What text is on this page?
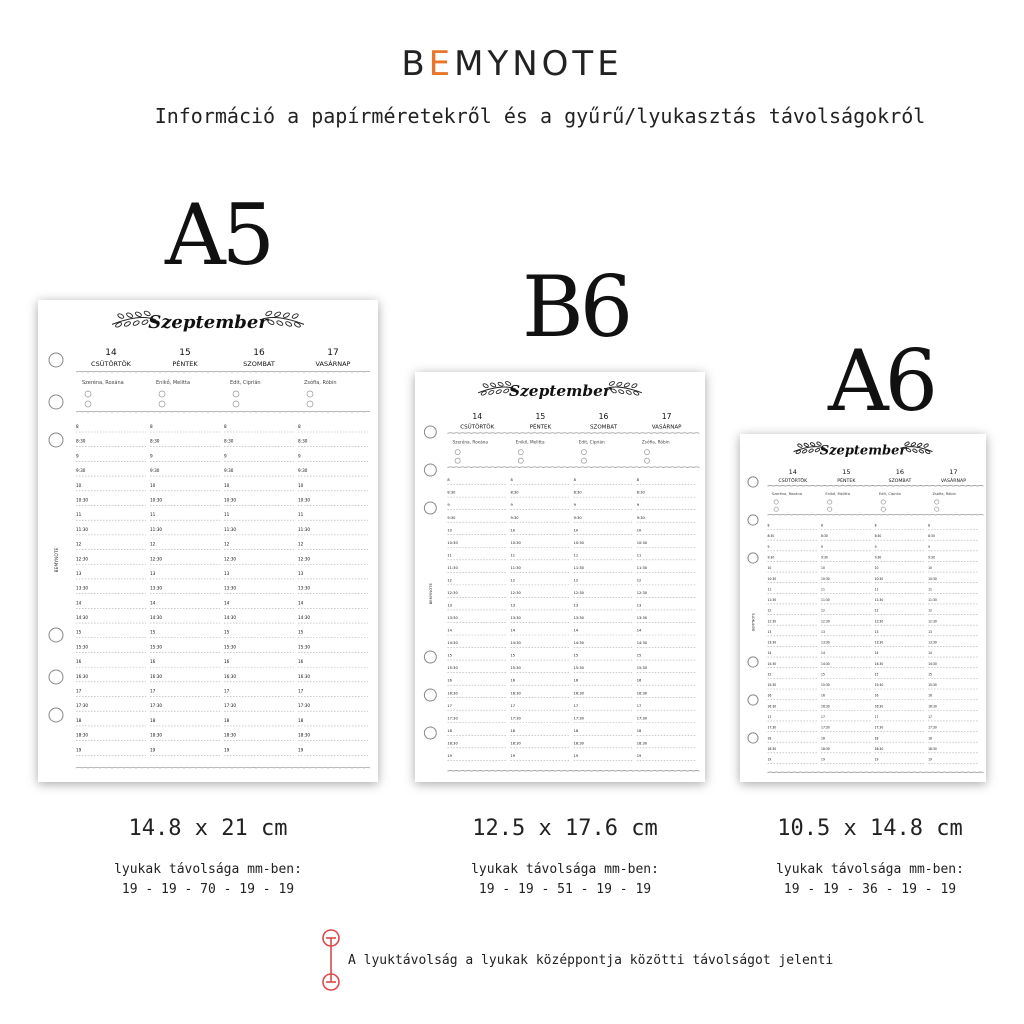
BEMYNOTE
Információ a papírméretekről és a gyűrű/lyukasztás távolságokról
A5
B6
A6
Szeptember
14
CSÜTÖRTÖK
Szeréna, Roxána
8
8:30
9
9:30
10
10:30
11
11:30
12
12:30
13
13:30
14
14:30
15
15:30
16
16:30
17
17:30
18
18:30
19
15
PÉNTEK
Enikő, Melitta
8
8:30
9
9:30
10
10:30
11
11:30
12
12:30
13
13:30
14
14:30
15
15:30
16
16:30
17
17:30
18
18:30
19
16
SZOMBAT
Edit, Ciprián
8
8:30
9
9:30
10
10:30
11
11:30
12
12:30
13
13:30
14
14:30
15
15:30
16
16:30
17
17:30
18
18:30
19
17
VASÁRNAP
Zsófia, Róbin
8
8:30
9
9:30
10
10:30
11
11:30
12
12:30
13
13:30
14
14:30
15
15:30
16
16:30
17
17:30
18
18:30
19
BEMYNOTE
Szeptember
14
CSÜTÖRTÖK
Szeréna, Roxána
8
8:30
9
9:30
10
10:30
11
11:30
12
12:30
13
13:30
14
14:30
15
15:30
16
16:30
17
17:30
18
18:30
19
15
PÉNTEK
Enikő, Melitta
8
8:30
9
9:30
10
10:30
11
11:30
12
12:30
13
13:30
14
14:30
15
15:30
16
16:30
17
17:30
18
18:30
19
16
SZOMBAT
Edit, Ciprián
8
8:30
9
9:30
10
10:30
11
11:30
12
12:30
13
13:30
14
14:30
15
15:30
16
16:30
17
17:30
18
18:30
19
17
VASÁRNAP
Zsófia, Róbin
8
8:30
9
9:30
10
10:30
11
11:30
12
12:30
13
13:30
14
14:30
15
15:30
16
16:30
17
17:30
18
18:30
19
BEMYNOTE
Szeptember
14
CSÜTÖRTÖK
Szeréna, Roxána
8
8:30
9
9:30
10
10:30
11
11:30
12
12:30
13
13:30
14
14:30
15
15:30
16
16:30
17
17:30
18
18:30
19
15
PÉNTEK
Enikő, Melitta
8
8:30
9
9:30
10
10:30
11
11:30
12
12:30
13
13:30
14
14:30
15
15:30
16
16:30
17
17:30
18
18:30
19
16
SZOMBAT
Edit, Ciprián
8
8:30
9
9:30
10
10:30
11
11:30
12
12:30
13
13:30
14
14:30
15
15:30
16
16:30
17
17:30
18
18:30
19
17
VASÁRNAP
Zsófia, Róbin
8
8:30
9
9:30
10
10:30
11
11:30
12
12:30
13
13:30
14
14:30
15
15:30
16
16:30
17
17:30
18
18:30
19
BEMYNOTE
14.8 x 21 cm	12.5 x 17.6 cm	10.5 x 14.8 cm
lyukak távolsága mm-ben:
19 - 19 - 70 - 19 - 19
lyukak távolsága mm-ben:
19 - 19 - 51 - 19 - 19
lyukak távolsága mm-ben:
19 - 19 - 36 - 19 - 19
A lyuktávolság a lyukak középpontja közötti távolságot jelenti
